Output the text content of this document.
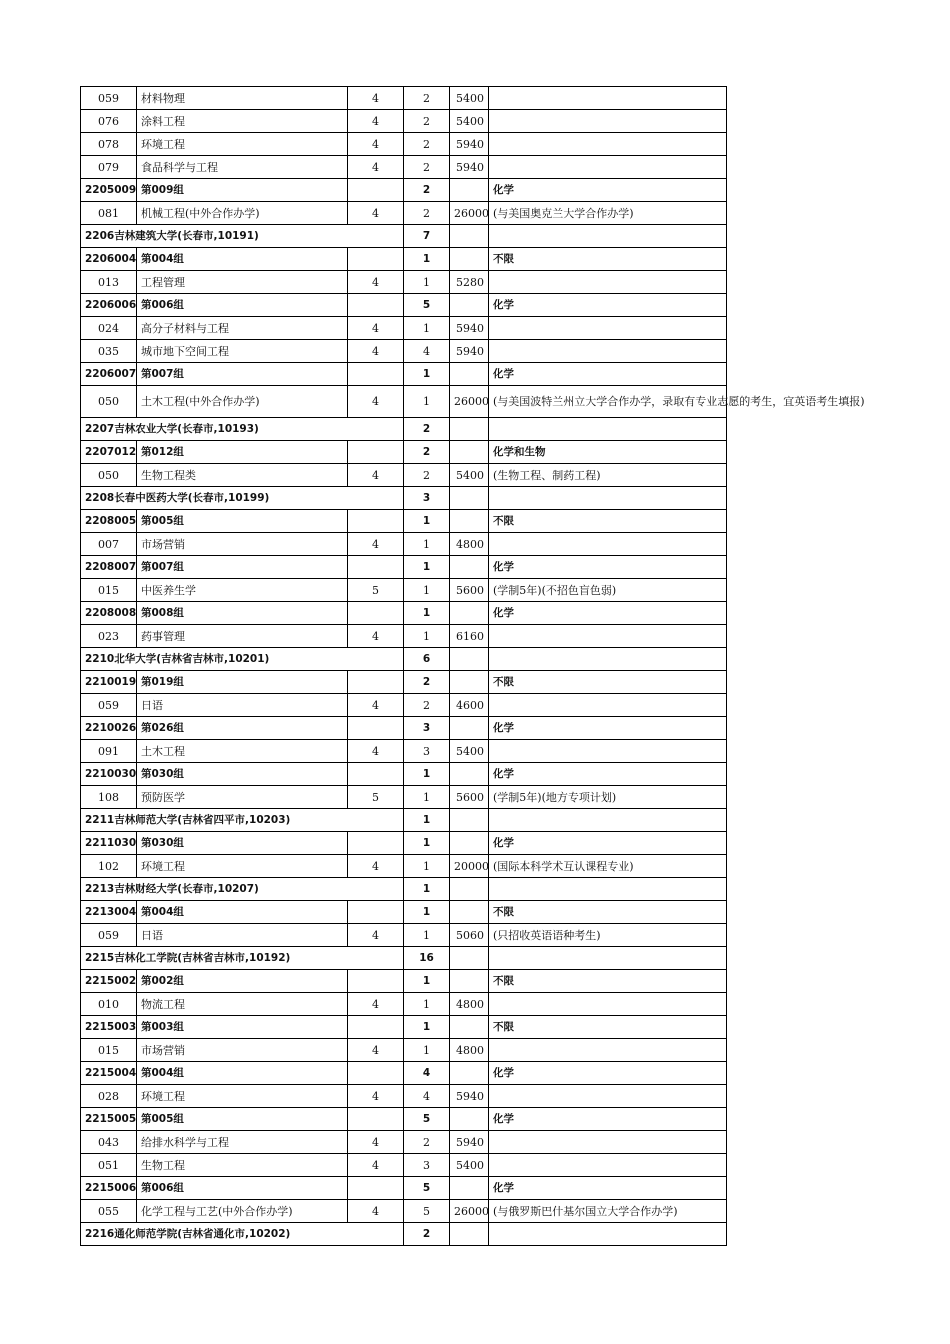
059	材料物理	4	2	5400	
076	涂料工程	4	2	5400	
078	环境工程	4	2	5940	
079	食品科学与工程	4	2	5940	
2205009	第009组		2		化学
081	机械工程(中外合作办学)	4	2	26000	(与美国奥克兰大学合作办学)
2206吉林建筑大学(长春市,10191)			7		
2206004	第004组		1		不限
013	工程管理	4	1	5280	
2206006	第006组		5		化学
024	高分子材料与工程	4	1	5940	
035	城市地下空间工程	4	4	5940	
2206007	第007组		1		化学
050	土木工程(中外合作办学)	4	1	26000	(与美国波特兰州立大学合作办学，录取有专业志愿的考生，宜英语考生填报)
2207吉林农业大学(长春市,10193)			2		
2207012	第012组		2		化学和生物
050	生物工程类	4	2	5400	(生物工程、制药工程)
2208长春中医药大学(长春市,10199)			3		
2208005	第005组		1		不限
007	市场营销	4	1	4800	
2208007	第007组		1		化学
015	中医养生学	5	1	5600	(学制5年)(不招色盲色弱)
2208008	第008组		1		化学
023	药事管理	4	1	6160	
2210北华大学(吉林省吉林市,10201)			6		
2210019	第019组		2		不限
059	日语	4	2	4600	
2210026	第026组		3		化学
091	土木工程	4	3	5400	
2210030	第030组		1		化学
108	预防医学	5	1	5600	(学制5年)(地方专项计划)
2211吉林师范大学(吉林省四平市,10203)			1		
2211030	第030组		1		化学
102	环境工程	4	1	20000	(国际本科学术互认课程专业)
2213吉林财经大学(长春市,10207)			1		
2213004	第004组		1		不限
059	日语	4	1	5060	(只招收英语语种考生)
2215吉林化工学院(吉林省吉林市,10192)			16		
2215002	第002组		1		不限
010	物流工程	4	1	4800	
2215003	第003组		1		不限
015	市场营销	4	1	4800	
2215004	第004组		4		化学
028	环境工程	4	4	5940	
2215005	第005组		5		化学
043	给排水科学与工程	4	2	5940	
051	生物工程	4	3	5400	
2215006	第006组		5		化学
055	化学工程与工艺(中外合作办学)	4	5	26000	(与俄罗斯巴什基尔国立大学合作办学)
2216通化师范学院(吉林省通化市,10202)			2		
